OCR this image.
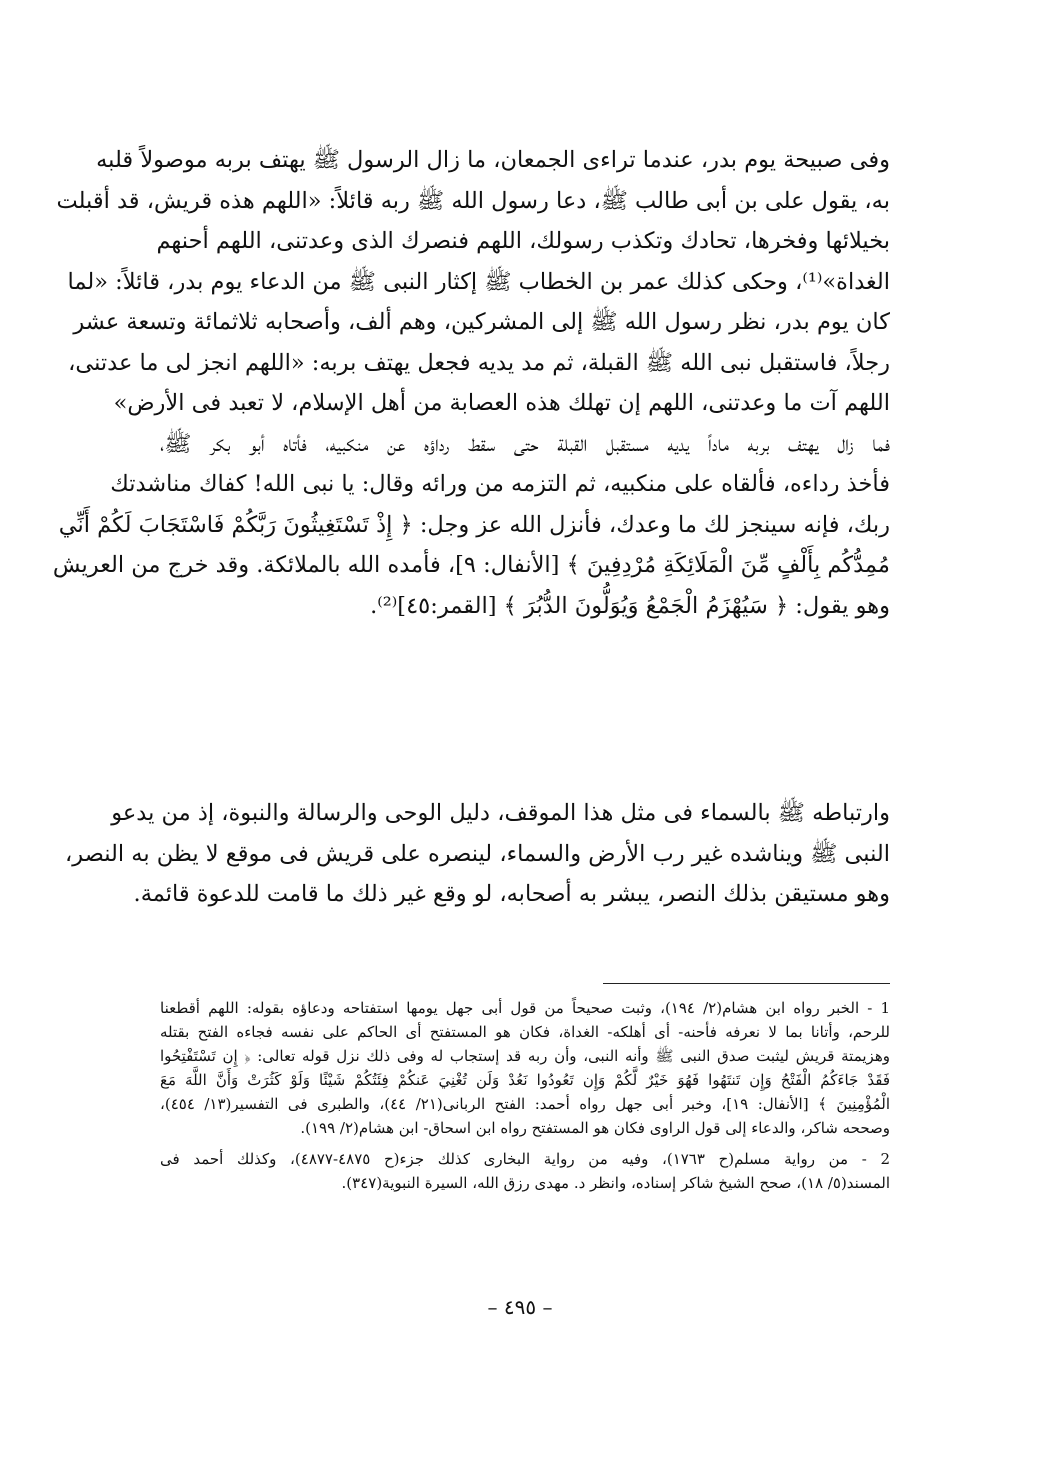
وفى صبيحة يوم بدر، عندما تراءى الجمعان، ما زال الرسول ﷺ يهتف بربه موصولاً قلبه
به، يقول على بن أبى طالب ﷺ، دعا رسول الله ﷺ ربه قائلاً: «اللهم هذه قريش، قد أقبلت
بخيلائها وفخرها، تحادك وتكذب رسولك، اللهم فنصرك الذى وعدتنى، اللهم أحنهم
الغداة»⁽¹⁾، وحكى كذلك عمر بن الخطاب ﷺ إكثار النبى ﷺ من الدعاء يوم بدر، قائلاً: «لما
كان يوم بدر، نظر رسول الله ﷺ إلى المشركين، وهم ألف، وأصحابه ثلاثمائة وتسعة عشر
رجلاً، فاستقبل نبى الله ﷺ القبلة، ثم مد يديه فجعل يهتف بربه: «اللهم انجز لى ما عدتنى،
اللهم آت ما وعدتنى، اللهم إن تهلك هذه العصابة من أهل الإسلام، لا تعبد فى الأرض»
فما زال يهتف بربه ماداً يديه مستقبل القبلة حتى سقط رداؤه عن منكبيه، فأتاه أبو بكر ﷺ،
فأخذ رداءه، فألقاه على منكبيه، ثم التزمه من ورائه وقال: يا نبى الله! كفاك مناشدتك
ربك، فإنه سينجز لك ما وعدك، فأنزل الله عز وجل: ﴿ إِذْ تَسْتَغِيثُونَ رَبَّكُمْ فَاسْتَجَابَ لَكُمْ أَنِّي
مُمِدُّكُم بِأَلْفٍ مِّنَ الْمَلَائِكَةِ مُرْدِفِينَ ﴾ [الأنفال: ٩]، فأمده الله بالملائكة. وقد خرج من العريش
وهو يقول: ﴿ سَيُهْزَمُ الْجَمْعُ وَيُوَلُّونَ الدُّبُرَ ﴾ [القمر:٤٥]⁽²⁾.
وارتباطه ﷺ بالسماء فى مثل هذا الموقف، دليل الوحى والرسالة والنبوة، إذ من يدعو
النبى ﷺ ويناشده غير رب الأرض والسماء، لينصره على قريش فى موقع لا يظن به النصر،
وهو مستيقن بذلك النصر، يبشر به أصحابه، لو وقع غير ذلك ما قامت للدعوة قائمة.
1 - الخبر رواه ابن هشام(٢/ ١٩٤)، وثبت صحيحاً من قول أبى جهل يومها استفتاحه ودعاؤه بقوله: اللهم أقطعنا
للرحم، وأتانا بما لا نعرفه فأحنه- أى أهلكه- الغداة، فكان هو المستفتح أى الحاكم على نفسه فجاءه الفتح بقتله
وهزيمتة قريش ليثبت صدق النبى ﷺ وأنه النبى، وأن ربه قد إستجاب له وفى ذلك نزل قوله تعالى: ﴿ إِن تَسْتَفْتِحُوا
فَقَدْ جَاءَكُمُ الْفَتْحُ وَإِن تَنتَهُوا فَهُوَ خَيْرٌ لَّكُمْ وَإِن تَعُودُوا نَعُدْ وَلَن تُغْنِيَ عَنكُمْ فِئَتُكُمْ شَيْئًا وَلَوْ كَثُرَتْ وَأَنَّ اللَّهَ مَعَ
الْمُؤْمِنِينَ ﴾ [الأنفال: ١٩]، وخبر أبى جهل رواه أحمد: الفتح الربانى(٢١/ ٤٤)، والطبرى فى التفسير(١٣/ ٤٥٤)،
وصححه شاكر، والدعاء إلى قول الراوى فكان هو المستفتح رواه ابن اسحاق- ابن هشام(٢/ ١٩٩).
2 - من رواية مسلم(ح ١٧٦٣)، وفيه من رواية البخارى كذلك جزء(ح ٤٨٧٥-٤٨٧٧)، وكذلك أحمد فى
المسند(٥/ ١٨)، صحح الشيخ شاكر إسناده، وانظر د. مهدى رزق الله، السيرة النبوية(٣٤٧).
– ٤٩٥ –
